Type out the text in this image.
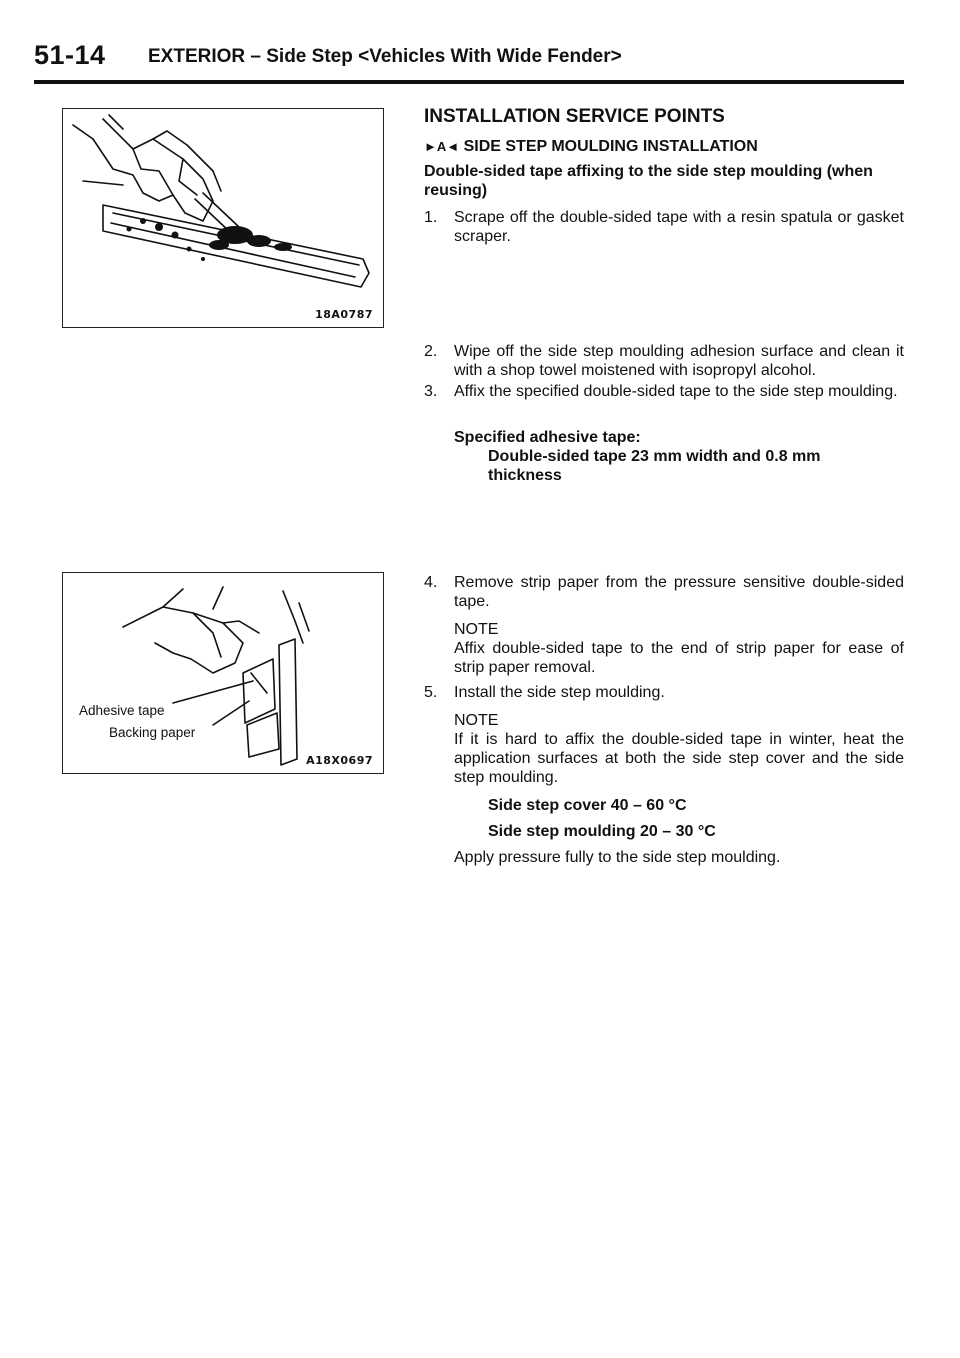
51-14 EXTERIOR – Side Step <Vehicles With Wide Fender>
18A0787
Adhesive tape
Backing paper
A18X0697
INSTALLATION SERVICE POINTS
►A◄ SIDE STEP MOULDING INSTALLATION

Double-sided tape affixing to the side step moulding (when reusing)

1.	Scrape off the double-sided tape with a resin spatula or gasket scraper.
2.	Wipe off the side step moulding adhesion surface and clean it with a shop towel moistened with isopropyl alcohol.
3.	Affix the specified double-sided tape to the side step moulding.
Specified adhesive tape:
Double-sided tape 23 mm width and 0.8 mm thickness
4.	Remove strip paper from the pressure sensitive double-sided tape.
NOTE
Affix double-sided tape to the end of strip paper for ease of strip paper removal.
5.	Install the side step moulding.
NOTE
If it is hard to affix the double-sided tape in winter, heat the application surfaces at both the side step cover and the side step moulding.
Side step cover 40 – 60 °C
Side step moulding 20 – 30 °C
Apply pressure fully to the side step moulding.
